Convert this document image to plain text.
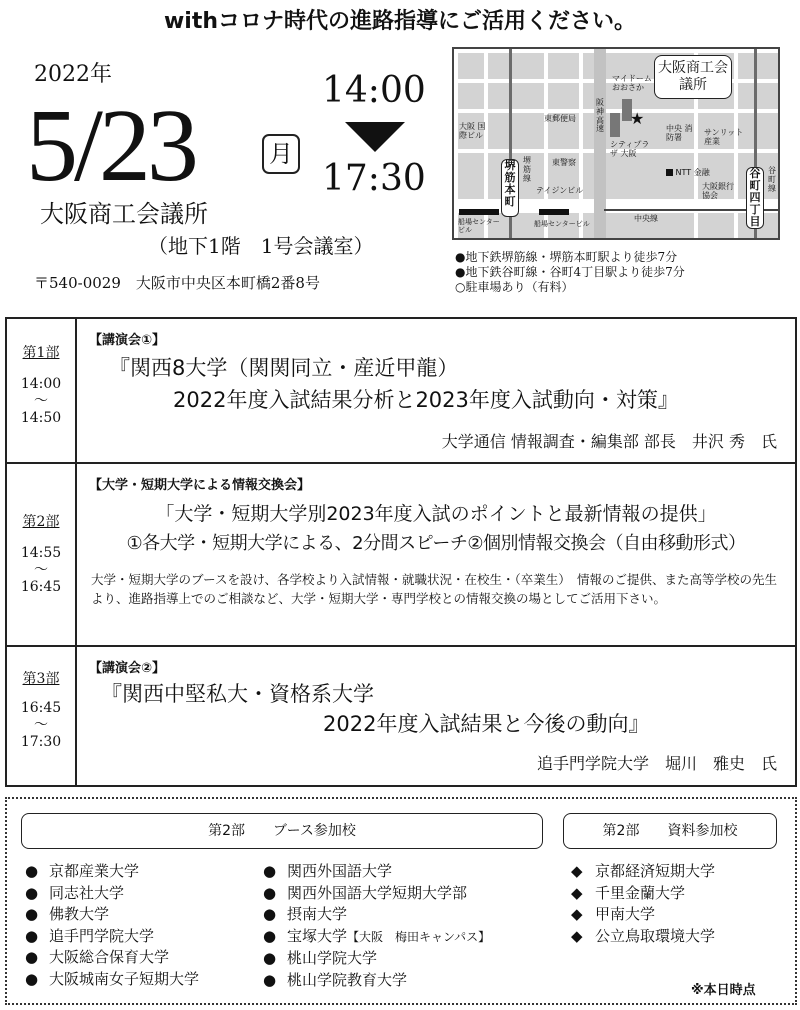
withコロナ時代の進路指導にご活用ください。
2022年
5/23	月
14:00
17:30
大阪商工会議所
（地下1階　1号会議室）
〒540-0029　大阪市中央区本町橋2番8号
★
大阪商工会議所
マイドーム おおさか
シティプラザ 大阪
阪神高速
東郵便局
大阪 国際ビル
東警察
テイジンビル
堺筋線
堺筋本町
中央 消防署
サンリット 産業
NTT 金融
大阪銀行 協会
谷町線
谷町四丁目
中央線
船場センター ビル
船場センタービル
●地下鉄堺筋線・堺筋本町駅より徒歩7分
●地下鉄谷町線・谷町4丁目駅より徒歩7分
○駐車場あり（有料）
第1部
14:00
～
14:50
【講演会①】
『関西8大学（関関同立・産近甲龍）
2022年度入試結果分析と2023年度入試動向・対策』
大学通信 情報調査・編集部 部長　井沢 秀　氏
第2部
14:55
～
16:45
【大学・短期大学による情報交換会】
「大学・短期大学別2023年度入試のポイントと最新情報の提供」
①各大学・短期大学による、2分間スピーチ②個別情報交換会（自由移動形式）
大学・短期大学のブースを設け、各学校より入試情報・就職状況・在校生・（卒業生）　情報のご提供、また高等学校の先生より、進路指導上でのご相談など、大学・短期大学・専門学校との情報交換の場としてご活用下さい。
第3部
16:45
～
17:30
【講演会②】
『関西中堅私大・資格系大学
2022年度入試結果と今後の動向』
追手門学院大学　堀川　雅史　氏
第2部　　ブース参加校	第2部　　資料参加校
● 京都産業大学
● 同志社大学
● 佛教大学
● 追手門学院大学
● 大阪総合保育大学
● 大阪城南女子短期大学
● 関西外国語大学
● 関西外国語大学短期大学部
● 摂南大学
● 宝塚大学【大阪　梅田キャンパス】
● 桃山学院大学
● 桃山学院教育大学
◆ 京都経済短期大学
◆ 千里金蘭大学
◆ 甲南大学
◆ 公立鳥取環境大学
※本日時点
